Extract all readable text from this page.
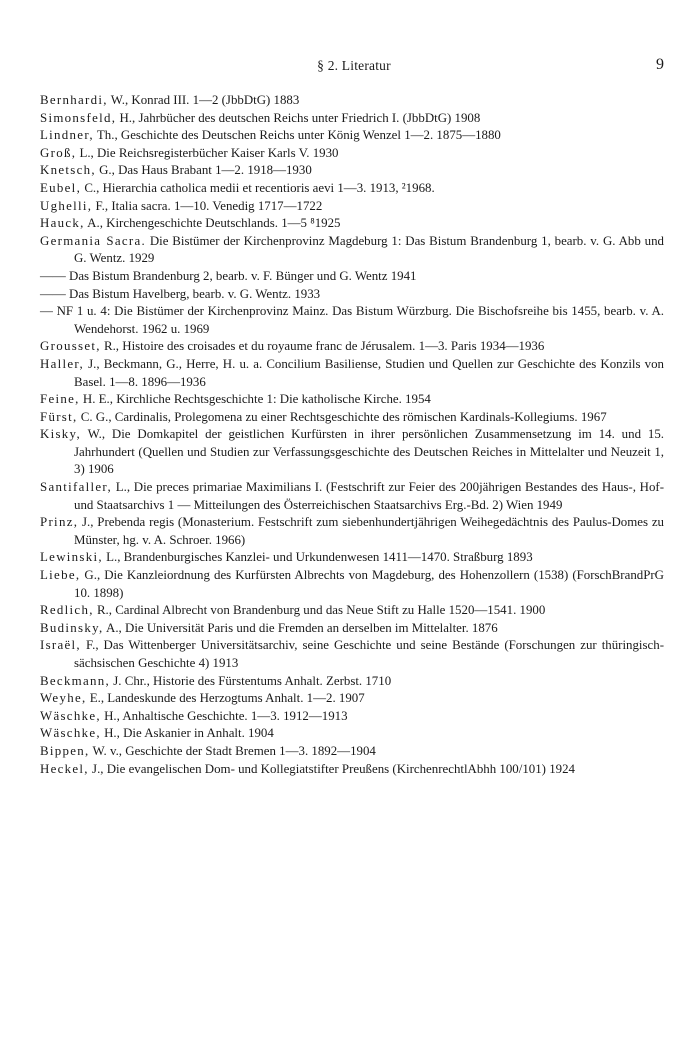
§ 2. Literatur	9
Bernhardi, W., Konrad III. 1—2 (JbbDtG) 1883
Simonsfeld, H., Jahrbücher des deutschen Reichs unter Friedrich I. (JbbDtG) 1908
Lindner, Th., Geschichte des Deutschen Reichs unter König Wenzel 1—2. 1875—1880
Groß, L., Die Reichsregisterbücher Kaiser Karls V. 1930
Knetsch, G., Das Haus Brabant 1—2. 1918—1930
Eubel, C., Hierarchia catholica medii et recentioris aevi 1—3. 1913, ²1968.
Ughelli, F., Italia sacra. 1—10. Venedig 1717—1722
Hauck, A., Kirchengeschichte Deutschlands. 1—5 ⁸1925
Germania Sacra. Die Bistümer der Kirchenprovinz Magdeburg 1: Das Bistum Brandenburg 1, bearb. v. G. Abb und G. Wentz. 1929
—— Das Bistum Brandenburg 2, bearb. v. F. Bünger und G. Wentz 1941
—— Das Bistum Havelberg, bearb. v. G. Wentz. 1933
— NF 1 u. 4: Die Bistümer der Kirchenprovinz Mainz. Das Bistum Würzburg. Die Bischofsreihe bis 1455, bearb. v. A. Wendehorst. 1962 u. 1969
Grousset, R., Histoire des croisades et du royaume franc de Jérusalem. 1—3. Paris 1934—1936
Haller, J., Beckmann, G., Herre, H. u. a. Concilium Basiliense, Studien und Quellen zur Geschichte des Konzils von Basel. 1—8. 1896—1936
Feine, H. E., Kirchliche Rechtsgeschichte 1: Die katholische Kirche. 1954
Fürst, C. G., Cardinalis, Prolegomena zu einer Rechtsgeschichte des römischen Kardinals-Kollegiums. 1967
Kisky, W., Die Domkapitel der geistlichen Kurfürsten in ihrer persönlichen Zusammensetzung im 14. und 15. Jahrhundert (Quellen und Studien zur Verfassungsgeschichte des Deutschen Reiches in Mittelalter und Neuzeit 1, 3) 1906
Santifaller, L., Die preces primariae Maximilians I. (Festschrift zur Feier des 200jährigen Bestandes des Haus-, Hof- und Staatsarchivs 1 — Mitteilungen des Österreichischen Staatsarchivs Erg.-Bd. 2) Wien 1949
Prinz, J., Prebenda regis (Monasterium. Festschrift zum siebenhundertjährigen Weihegedächtnis des Paulus-Domes zu Münster, hg. v. A. Schroer. 1966)
Lewinski, L., Brandenburgisches Kanzlei- und Urkundenwesen 1411—1470. Straßburg 1893
Liebe, G., Die Kanzleiordnung des Kurfürsten Albrechts von Magdeburg, des Hohenzollern (1538) (ForschBrandPrG 10. 1898)
Redlich, R., Cardinal Albrecht von Brandenburg und das Neue Stift zu Halle 1520—1541. 1900
Budinsky, A., Die Universität Paris und die Fremden an derselben im Mittelalter. 1876
Israël, F., Das Wittenberger Universitätsarchiv, seine Geschichte und seine Bestände (Forschungen zur thüringisch-sächsischen Geschichte 4) 1913
Beckmann, J. Chr., Historie des Fürstentums Anhalt. Zerbst. 1710
Weyhe, E., Landeskunde des Herzogtums Anhalt. 1—2. 1907
Wäschke, H., Anhaltische Geschichte. 1—3. 1912—1913
Wäschke, H., Die Askanier in Anhalt. 1904
Bippen, W. v., Geschichte der Stadt Bremen 1—3. 1892—1904
Heckel, J., Die evangelischen Dom- und Kollegiatstifter Preußens (KirchenrechtlAbhh 100/101) 1924
